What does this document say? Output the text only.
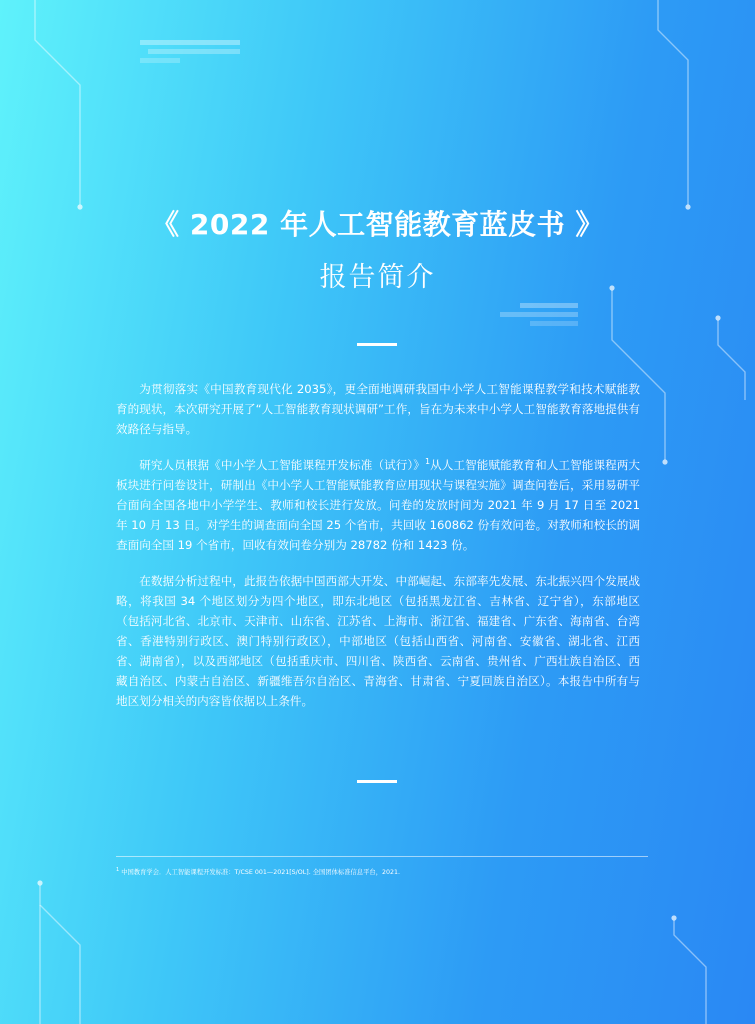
《 2022 年人工智能教育蓝皮书 》
报告简介

为贯彻落实《中国教育现代化 2035》，更全面地调研我国中小学人工智能课程教学和技术赋能教育的现状，本次研究开展了“人工智能教育现状调研”工作，旨在为未来中小学人工智能教育落地提供有效路径与指导。

研究人员根据《中小学人工智能课程开发标准（试行）》$^1$从人工智能赋能教育和人工智能课程两大板块进行问卷设计，研制出《中小学人工智能赋能教育应用现状与课程实施》调查问卷后，采用易研平台面向全国各地中小学学生、教师和校长进行发放。问卷的发放时间为 2021 年 9 月 17 日至 2021 年 10 月 13 日。对学生的调查面向全国 25 个省市，共回收 160862 份有效问卷。对教师和校长的调查面向全国 19 个省市，回收有效问卷分别为 28782 份和 1423 份。

在数据分析过程中，此报告依据中国西部大开发、中部崛起、东部率先发展、东北振兴四个发展战略，将我国 34 个地区划分为四个地区，即东北地区（包括黑龙江省、吉林省、辽宁省），东部地区（包括河北省、北京市、天津市、山东省、江苏省、上海市、浙江省、福建省、广东省、海南省、台湾省、香港特别行政区、澳门特别行政区），中部地区（包括山西省、河南省、安徽省、湖北省、江西省、湖南省），以及西部地区（包括重庆市、四川省、陕西省、云南省、贵州省、广西壮族自治区、西藏自治区、内蒙古自治区、新疆维吾尔自治区、青海省、甘肃省、宁夏回族自治区）。本报告中所有与地区划分相关的内容皆依据以上条件。

$^1$ 中国教育学会．人工智能课程开发标准：T/CSE 001—2021[S/OL]. 全国团体标准信息平台，2021.
